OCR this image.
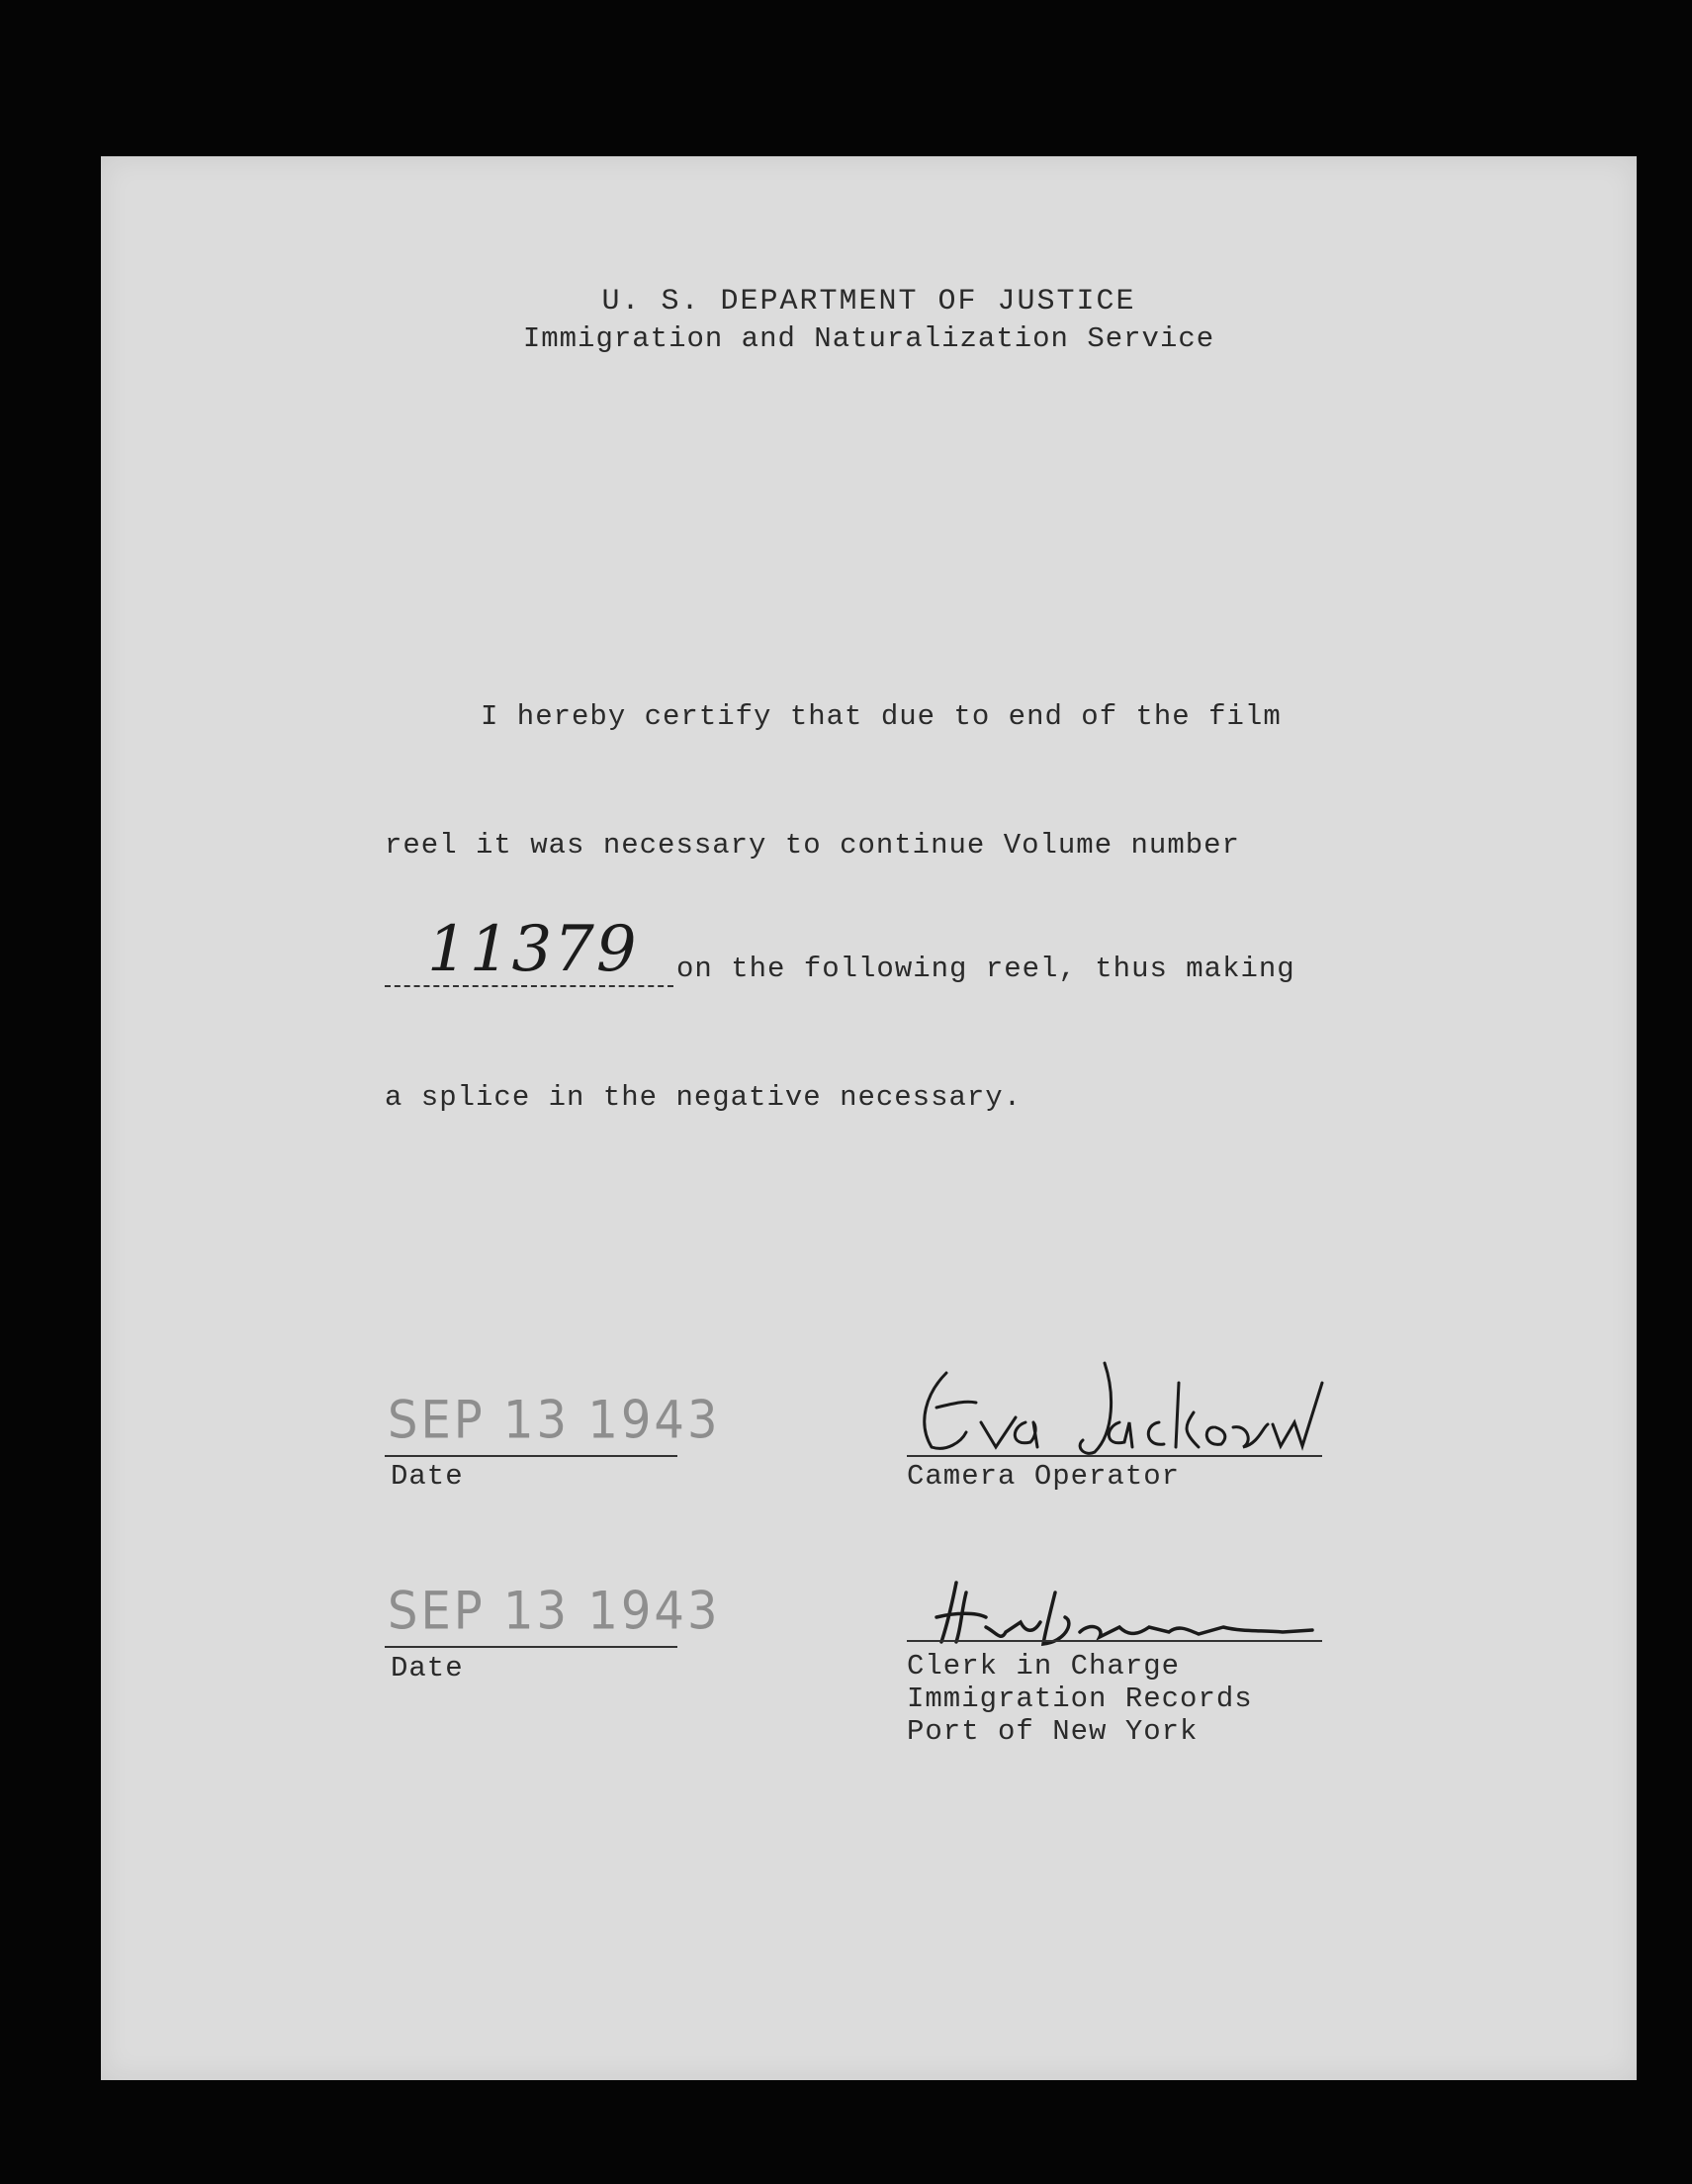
U. S. DEPARTMENT OF JUSTICE
Immigration and Naturalization Service
I hereby certify that due to end of the film
reel it was necessary to continue Volume number
11379 on the following reel, thus making
a splice in the negative necessary.
SEP 13 1943
Date	Camera Operator
SEP 13 1943
Date	Clerk in Charge
Immigration Records
Port of New York
